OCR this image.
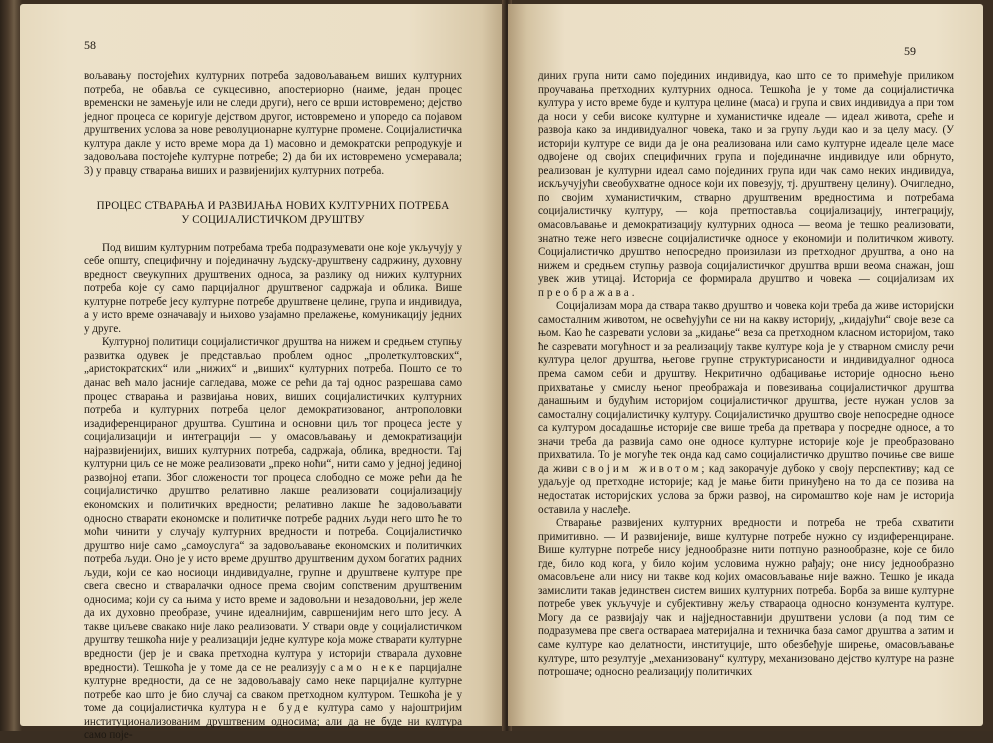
58

вољавању постојећих културних потреба задовољавањем виших културних потреба, не обавља се сукцесивно, апостериорно (наиме, један процес временски не замењује или не следи други), него се врши истовремено; дејство једног процеса се коригује дејством другог, истовремено и упоредо са појавом друштвених услова за нове револуционарне културне промене. Социјалистичка култура дакле у исто време мора да 1) масовно и демократски репродукује и задовољава постојеће културне потребе; 2) да би их истовремено усмеравала; 3) у правцу стварања виших и развијенијих културних потреба.

ПРОЦЕС СТВАРАЊА И РАЗВИЈАЊА НОВИХ КУЛТУРНИХ ПОТРЕБА
У СОЦИЈАЛИСТИЧКОМ ДРУШТВУ

Под вишим културним потребама треба подразумевати оне које укључују у себе општу, специфичну и појединачну људску-друштвену садржину, духовну вредност свеукупних друштвених односа, за разлику од нижих културних потреба које су само парцијалног друштвеног садржаја и облика. Више културне потребе јесу културне потребе друштвене целине, група и индивидуа, а у исто време означавају и њихово узајамно прелажење, комуникацију једних у друге.

Културној политици социјалистичког друштва на нижем и средњем ступњу развитка одувек је представљао проблем однос „пролеткултовских“, „аристократских“ или „нижих“ и „виших“ културних потреба. Пошто се то данас већ мало јасније сагледава, може се рећи да тај однос разрешава само процес стварања и развијања нових, виших социјалистичких културних потреба и културних потреба целог демократизованог, антрополовки изадиференцираног друштва. Суштина и основни циљ тог процеса јесте у социјализацији и интеграцији — у омасовљавању и демократизацији најразвијенијих, виших културних потреба, садржаја, облика, вредности. Тај културни циљ се не може реализовати „преко ноћи“, нити само у једној јединој развојној етапи. Због сложености тог процеса слободно се може рећи да ће социјалистичко друштво релативно лакше реализовати социјализацију економских и политичких вредности; релативно лакше ће задовољавати односно стварати економске и политичке потребе радних људи него што ће то моћи чинити у случају културних вредности и потреба. Социјалистичко друштво није само „самоуслуга“ за задовољавање економских и политичких потреба људи. Оно је у исто време друштво друштвеним духом богатих радних људи, који се као носиоци индивидуалне, групне и друштвене културе пре свега свесно и стваралачки односе према својим сопственим друштвеним односима; који су са њима у исто време и задовољни и незадовољни, јер желе да их духовно преобразе, учине идеалнијим, савршенијим него што јесу. А такве циљеве свакако није лако реализовати. У ствари овде у социјалистичком друштву тешкоћа није у реализацији једне културе која може стварати културне вредности (јер је и свака претходна култура у историји стварала духовне вредности). Тешкоћа је у томе да се не реализују само неке парцијалне културне вредности, да се не задовољавају само неке парцијалне културне потребе као што је био случај са сваком претходном културом. Тешкоћа је у томе да социјалистичка култура не буде култура само у најоштријим институционализованим друштвеним односима; али да не буде ни култура само поје-

59

диних група нити само појединих индивидуа, као што се то примећује приликом проучавања претходних културних односа. Тешкоћа је у томе да социјалистичка култура у исто време буде и култура целине (маса) и група и свих индивидуа а при том да носи у себи високе културне и хуманистичке идеале — идеал живота, среће и развоја како за индивидуалног човека, тако и за групу људи као и за целу масу. (У историји културе се види да је она реализована или само културне идеале целе масе одвојене од својих специфичних група и појединачне индивидуе или обрнуто, реализован је културни идеал само појединих група иди чак само неких индивидуа, искључујући свеобухватне односе који их повезују, тј. друштвену целину). Очигледно, по својим хуманистичким, стварно друштвеним вредностима и потребама социјалистичку културу, — која претпоставља социјализацију, интеграцију, омасовљавање и демократизацију културних односа — веома је тешко реализовати, знатно теже него извесне социјалистичке односе у економији и политичком животу. Социјалистичко друштво непосредно произилази из претходног друштва, а оно на нижем и средњем ступњу развоја социјалистичког друштва врши веома снажан, још увек жив утицај. Историја се формирала друштво и човека — социјализам их преображава.

Социјализам мора да ствара такво друштво и човека који треба да живе историјски самосталним животом, не освећујући се ни на какву историју, „кидајући“ своје везе са њом. Као ће сазревати услови за „кидање“ веза са претходном класном историјом, тако ће сазревати могућност и за реализацију такве културе која је у стварном смислу речи култура целог друштва, његове групне структурисаности и индивидуалног односа према самом себи и друштву. Некритично одбацивање историје односно њено прихватање у смислу њеног преображаја и повезивања социјалистичког друштва данашњим и будућим историјом социјалистичког друштва, јесте нужан услов за самосталну социјалистичку културу. Социјалистичко друштво своје непосредне односе са културом досадашње историје све више треба да претвара у посредне односе, а то значи треба да развија само оне односе културне историје које је преобразовано прихватила. То је могуће тек онда кад само социјалистичко друштво почиње све више да живи својим животом; кад закорачује дубоко у своју перспективу; кад се удаљује од претходне историје; кад је мање бити принуђено на то да се позива на недостатак историјских услова за бржи развој, на сиромаштво које нам је историја оставила у наслеђе.

Стварање развијених културних вредности и потреба не треба схватити примитивно. — И развијеније, више културне потребе нужно су издиференциране. Више културне потребе нису једнообразне нити потпуно разнообразне, које се било где, било код кога, у било којим условима нужно рађају; оне нису једнообразно омасовљене али нису ни такве код којих омасовљавање није важно. Тешко је икада замислити такав јединствен систем виших културних потреба. Борба за више културне потребе увек укључује и субјективну жељу ствараоца односно конзумента културе. Могу да се развијају чак и најједноставнији друштвени услови (а под тим се подразумева пре свега оствараеа материјална и техничка база самог друштва а затим и саме културе као делатности, институције, што обезбеђује ширење, омасовљавање културе, што резултује „механизовану“ културу, механизовано дејство културе на разне потрошаче; односно реализацију политичких
